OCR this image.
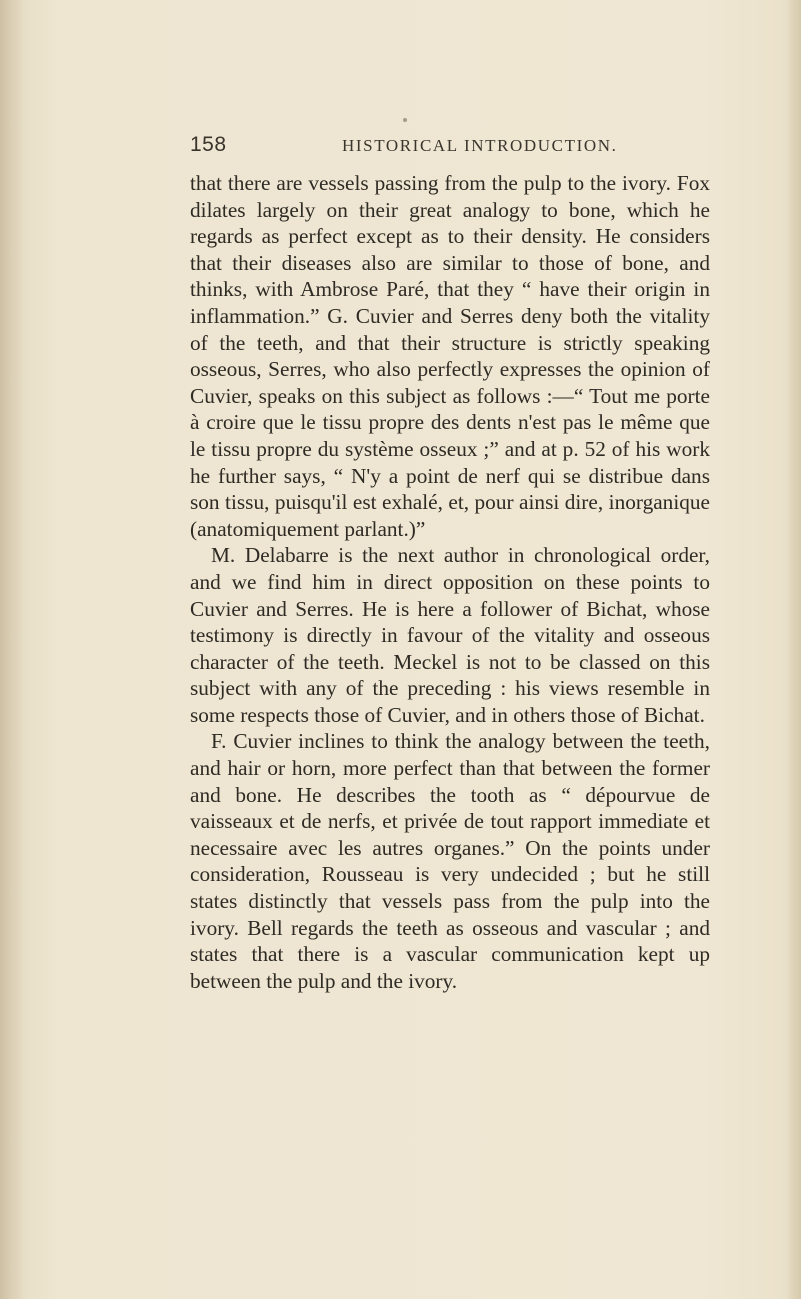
158	HISTORICAL INTRODUCTION.

that there are vessels passing from the pulp to the ivory. Fox dilates largely on their great analogy to bone, which he regards as perfect except as to their density. He considers that their diseases also are similar to those of bone, and thinks, with Ambrose Paré, that they “ have their origin in inflammation.” G. Cuvier and Serres deny both the vitality of the teeth, and that their structure is strictly speaking osseous, Serres, who also perfectly expresses the opinion of Cuvier, speaks on this subject as follows :—“ Tout me porte à croire que le tissu propre des dents n'est pas le même que le tissu propre du système osseux ;” and at p. 52 of his work he further says, “ N'y a point de nerf qui se distribue dans son tissu, puisqu'il est exhalé, et, pour ainsi dire, inorganique (anatomiquement parlant.)”

M. Delabarre is the next author in chronological order, and we find him in direct opposition on these points to Cuvier and Serres. He is here a follower of Bichat, whose testimony is directly in favour of the vitality and osseous character of the teeth. Meckel is not to be classed on this subject with any of the preceding : his views resemble in some respects those of Cuvier, and in others those of Bichat.

F. Cuvier inclines to think the analogy between the teeth, and hair or horn, more perfect than that between the former and bone. He describes the tooth as “ dépourvue de vaisseaux et de nerfs, et privée de tout rapport immediate et necessaire avec les autres organes.” On the points under consideration, Rousseau is very undecided ; but he still states distinctly that vessels pass from the pulp into the ivory. Bell regards the teeth as osseous and vascular ; and states that there is a vascular communication kept up between the pulp and the ivory.
